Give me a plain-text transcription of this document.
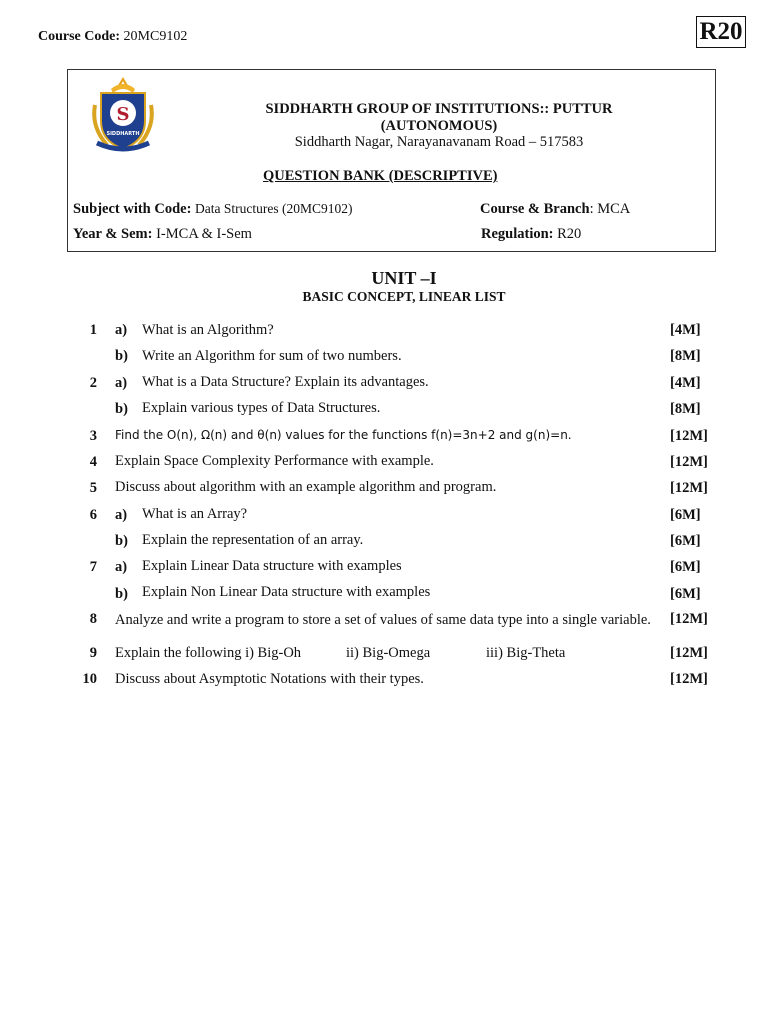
Course Code: 20MC9102	R20
S
SIDDHARTH
SIDDHARTH GROUP OF INSTITUTIONS:: PUTTUR
(AUTONOMOUS)
Siddharth Nagar, Narayanavanam Road – 517583
QUESTION BANK (DESCRIPTIVE)
Subject with Code: Data Structures (20MC9102)	Course & Branch: MCA
Year & Sem: I-MCA & I-Sem	Regulation: R20
UNIT –I
BASIC CONCEPT, LINEAR LIST
1 a) What is an Algorithm?	[4M]
b) Write an Algorithm for sum of two numbers.	[8M]
2 a) What is a Data Structure? Explain its advantages.	[4M]
b) Explain various types of Data Structures.	[8M]
3 Find the O(n), Ω(n) and θ(n) values for the functions f(n)=3n+2 and g(n)=n.	[12M]
4 Explain Space Complexity Performance with example.	[12M]
5 Discuss about algorithm with an example algorithm and program.	[12M]
6 a) What is an Array?	[6M]
b) Explain the representation of an array.	[6M]
7 a) Explain Linear Data structure with examples	[6M]
b) Explain Non Linear Data structure with examples	[6M]
8 Analyze and write a program to store a set of values of same data type into a single variable.	[12M]
9 Explain the following i) Big-Oh	ii) Big-Omega	iii) Big-Theta	[12M]
10 Discuss about Asymptotic Notations with their types.	[12M]
